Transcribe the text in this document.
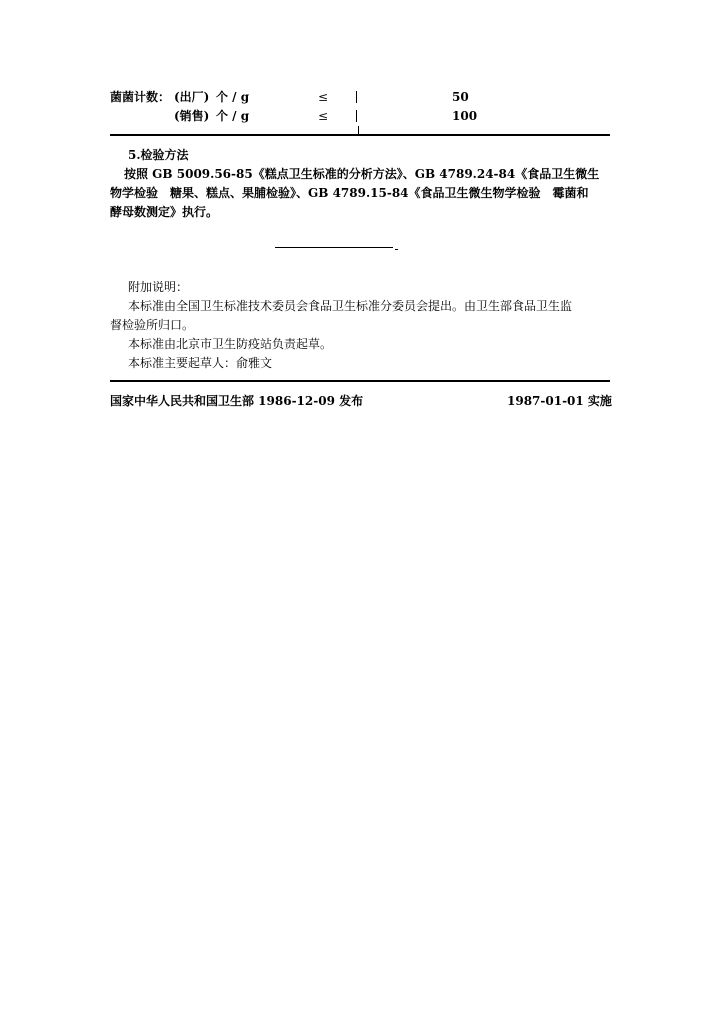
菌菌计数： (出厂) 个 / g	≤	50
(销售) 个 / g	≤	100
5.检验方法
按照 GB 5009.56-85《糕点卫生标准的分析方法》、GB 4789.24-84《食品卫生微生
物学检验　糖果、糕点、果脯检验》、GB 4789.15-84《食品卫生微生物学检验　霉菌和
酵母数测定》执行。
附加说明：
本标准由全国卫生标准技术委员会食品卫生标准分委员会提出。由卫生部食品卫生监
督检验所归口。
本标准由北京市卫生防疫站负责起草。
本标准主要起草人：俞雅文
国家中华人民共和国卫生部 1986-12-09 发布	1987-01-01 实施
